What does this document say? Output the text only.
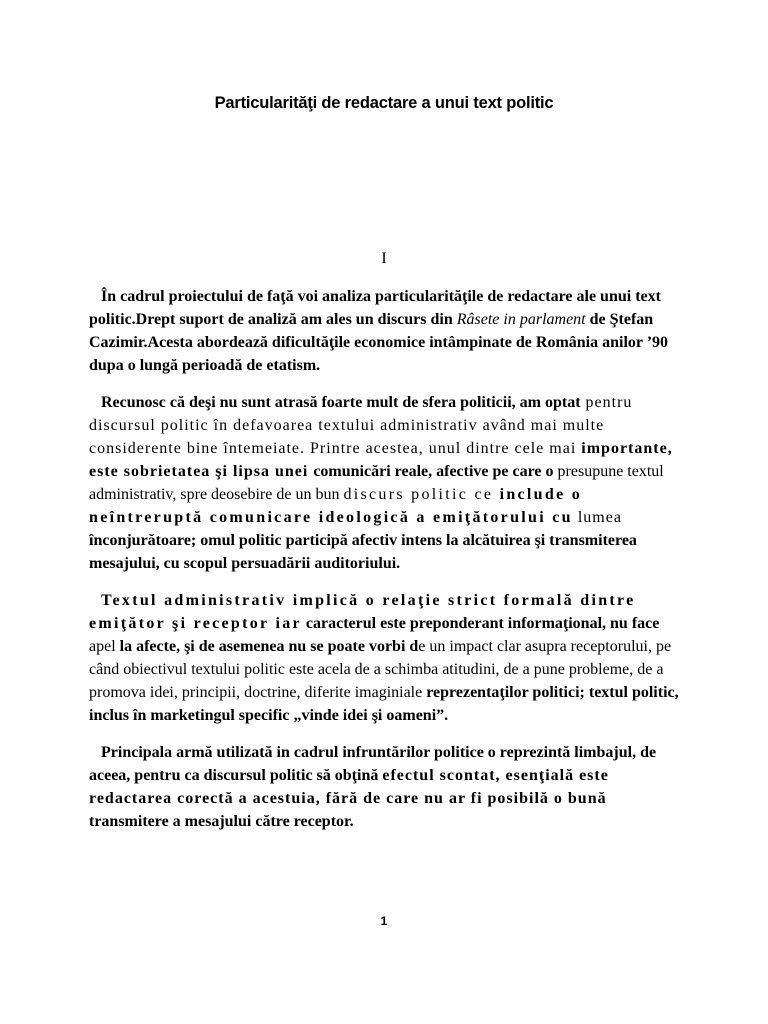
Particularităţi de redactare a unui text politic
I

În cadrul proiectului de faţă voi analiza particularităţile de redactare ale unui text politic.Drept suport de analiză am ales un discurs din Râsete in parlament de Ştefan Cazimir.Acesta abordează dificultăţile economice intâmpinate de România anilor ’90 dupa o lungă perioadă de etatism.

Recunosc că deşi nu sunt atrasă foarte mult de sfera politicii, am optat pentru discursul politic în defavoarea textului administrativ având mai multe considerente bine întemeiate. Printre acestea, unul dintre cele mai importante, este sobrietatea şi lipsa unei comunicări reale, afective pe care o presupune textul administrativ, spre deosebire de un bun discurs politic ce include o neîntreruptă comunicare ideologică a emiţătorului cu lumea înconjurătoare; omul politic participă afectiv intens la alcătuirea şi transmiterea mesajului, cu scopul persuadării auditoriului.

Textul administrativ implică o relaţie strict formală dintre emiţător şi receptor iar caracterul este preponderant informaţional, nu face apel la afecte, şi de asemenea nu se poate vorbi de un impact clar asupra receptorului, pe când obiectivul textului politic este acela de a schimba atitudini, de a pune probleme, de a promova idei, principii, doctrine, diferite imaginiale reprezentaţilor politici; textul politic, inclus în marketingul specific „vinde idei şi oameni”.

Principala armă utilizată in cadrul infruntărilor politice o reprezintă limbajul, de aceea, pentru ca discursul politic să obţină efectul scontat, esenţială este redactarea corectă a acestuia, fără de care nu ar fi posibilă o bună transmitere a mesajului către receptor.

1
